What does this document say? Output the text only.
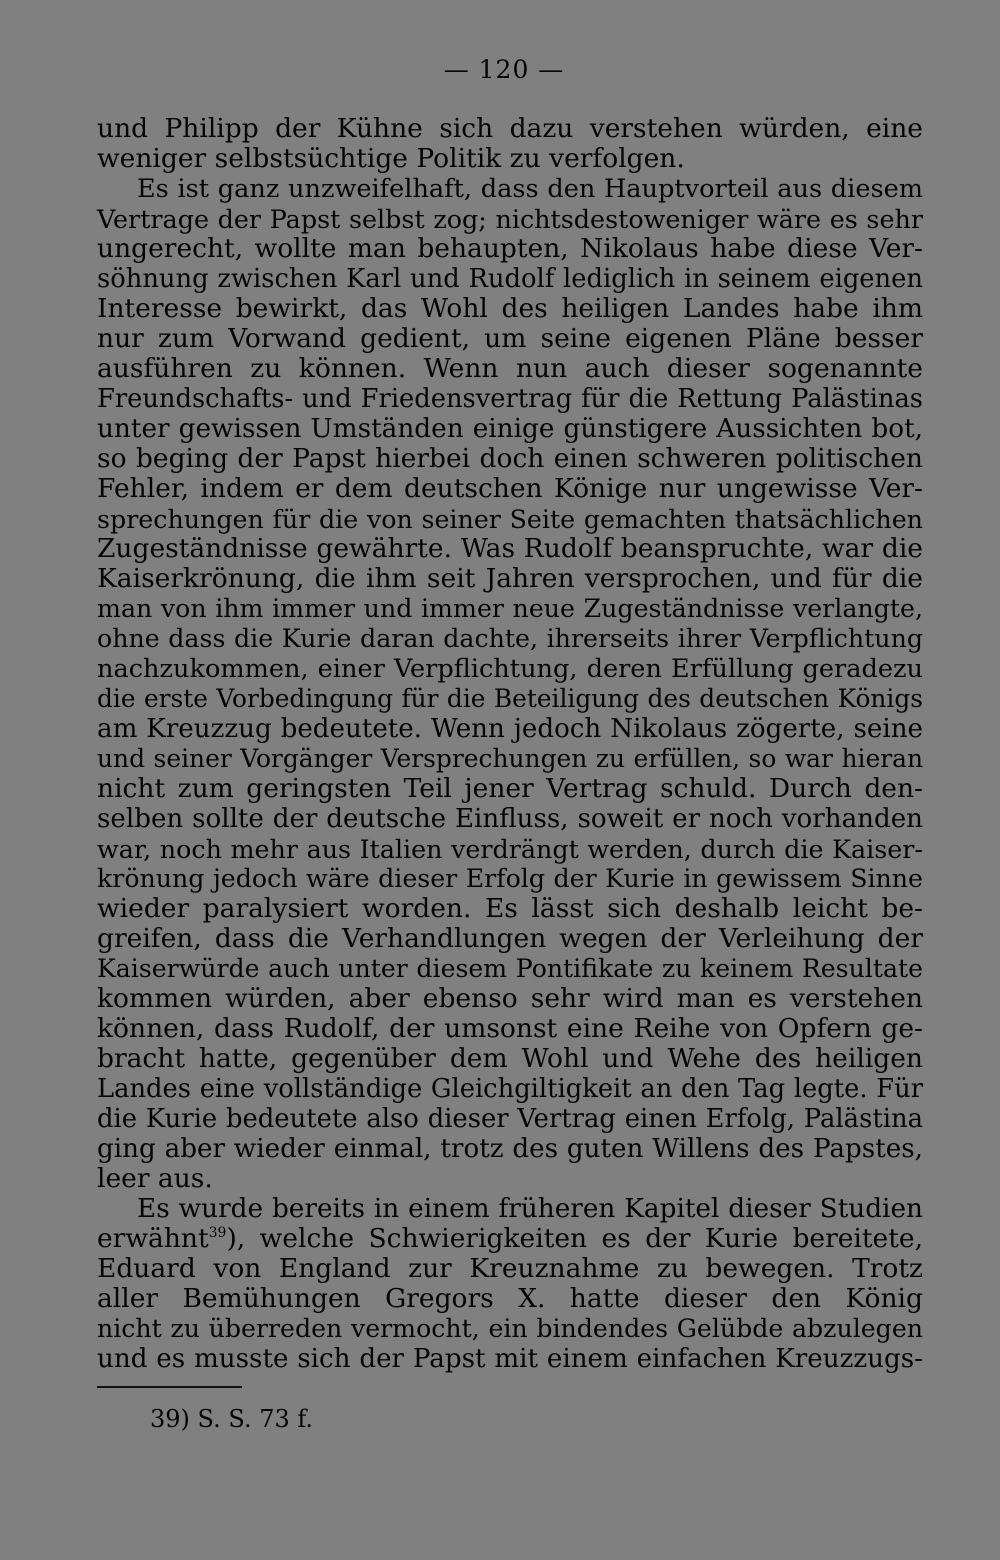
— 120 —
und Philipp der Kühne sich dazu verstehen würden, eine
weniger selbstsüchtige Politik zu verfolgen.
Es ist ganz unzweifelhaft, dass den Hauptvorteil aus diesem
Vertrage der Papst selbst zog; nichtsdestoweniger wäre es sehr
ungerecht, wollte man behaupten, Nikolaus habe diese Ver-
söhnung zwischen Karl und Rudolf lediglich in seinem eigenen
Interesse bewirkt, das Wohl des heiligen Landes habe ihm
nur zum Vorwand gedient, um seine eigenen Pläne besser
ausführen zu können. Wenn nun auch dieser sogenannte
Freundschafts- und Friedensvertrag für die Rettung Palästinas
unter gewissen Umständen einige günstigere Aussichten bot,
so beging der Papst hierbei doch einen schweren politischen
Fehler, indem er dem deutschen Könige nur ungewisse Ver-
sprechungen für die von seiner Seite gemachten thatsächlichen
Zugeständnisse gewährte. Was Rudolf beanspruchte, war die
Kaiserkrönung, die ihm seit Jahren versprochen, und für die
man von ihm immer und immer neue Zugeständnisse verlangte,
ohne dass die Kurie daran dachte, ihrerseits ihrer Verpflichtung
nachzukommen, einer Verpflichtung, deren Erfüllung geradezu
die erste Vorbedingung für die Beteiligung des deutschen Königs
am Kreuzzug bedeutete. Wenn jedoch Nikolaus zögerte, seine
und seiner Vorgänger Versprechungen zu erfüllen, so war hieran
nicht zum geringsten Teil jener Vertrag schuld. Durch den-
selben sollte der deutsche Einfluss, soweit er noch vorhanden
war, noch mehr aus Italien verdrängt werden, durch die Kaiser-
krönung jedoch wäre dieser Erfolg der Kurie in gewissem Sinne
wieder paralysiert worden. Es lässt sich deshalb leicht be-
greifen, dass die Verhandlungen wegen der Verleihung der
Kaiserwürde auch unter diesem Pontifikate zu keinem Resultate
kommen würden, aber ebenso sehr wird man es verstehen
können, dass Rudolf, der umsonst eine Reihe von Opfern ge-
bracht hatte, gegenüber dem Wohl und Wehe des heiligen
Landes eine vollständige Gleichgiltigkeit an den Tag legte. Für
die Kurie bedeutete also dieser Vertrag einen Erfolg, Palästina
ging aber wieder einmal, trotz des guten Willens des Papstes,
leer aus.
Es wurde bereits in einem früheren Kapitel dieser Studien
erwähnt$^{39}$), welche Schwierigkeiten es der Kurie bereitete,
Eduard von England zur Kreuznahme zu bewegen. Trotz
aller Bemühungen Gregors X. hatte dieser den König
nicht zu überreden vermocht, ein bindendes Gelübde abzulegen
und es musste sich der Papst mit einem einfachen Kreuzzugs-
39) S. S. 73 f.
